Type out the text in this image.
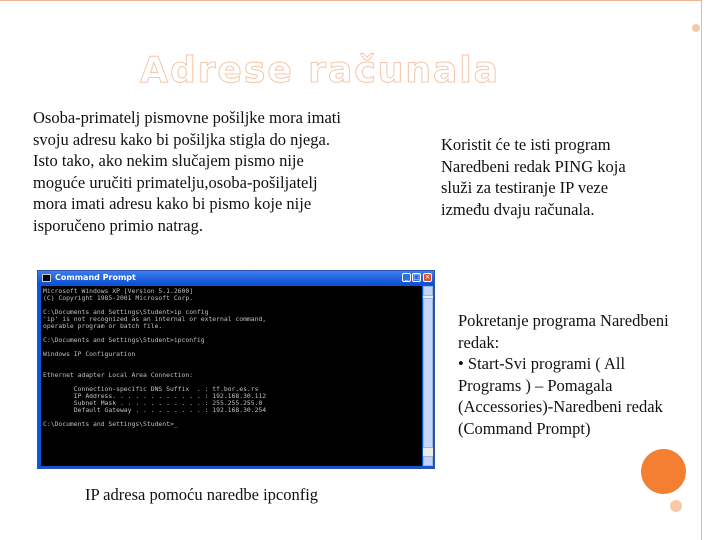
Adrese računala
Osoba-primatelj pismovne pošiljke mora imati
svoju adresu kako bi pošiljka stigla do njega.
Isto tako, ako nekim slučajem pismo nije
moguće uručiti primatelju,osoba-pošiljatelj
mora imati adresu kako bi pismo koje nije
isporučeno primio natrag.
Koristit će te isti program
Naredbeni redak PING koja
služi za testiranje IP veze
između dvaju računala.
Pokretanje programa Naredbeni
redak:
• Start-Svi programi ( All
Programs ) – Pomagala
(Accessories)-Naredbeni redak
(Command Prompt)
Command Prompt	_ □ ×
Microsoft Windows XP [Version 5.1.2600]
(C) Copyright 1985-2001 Microsoft Corp.
C:\Documents and Settings\Student>ip config
'ip' is not recognized as an internal or external command,
operable program or batch file.
C:\Documents and Settings\Student>ipconfig
Windows IP Configuration
Ethernet adapter Local Area Connection:
Connection-specific DNS Suffix  . : tf.bor.es.rs
IP Address. . . . . . . . . . . . : 192.168.30.112
Subnet Mask . . . . . . . . . . . : 255.255.255.0
Default Gateway . . . . . . . . . : 192.168.30.254
C:\Documents and Settings\Student>_
IP adresa pomoću naredbe ipconfig
